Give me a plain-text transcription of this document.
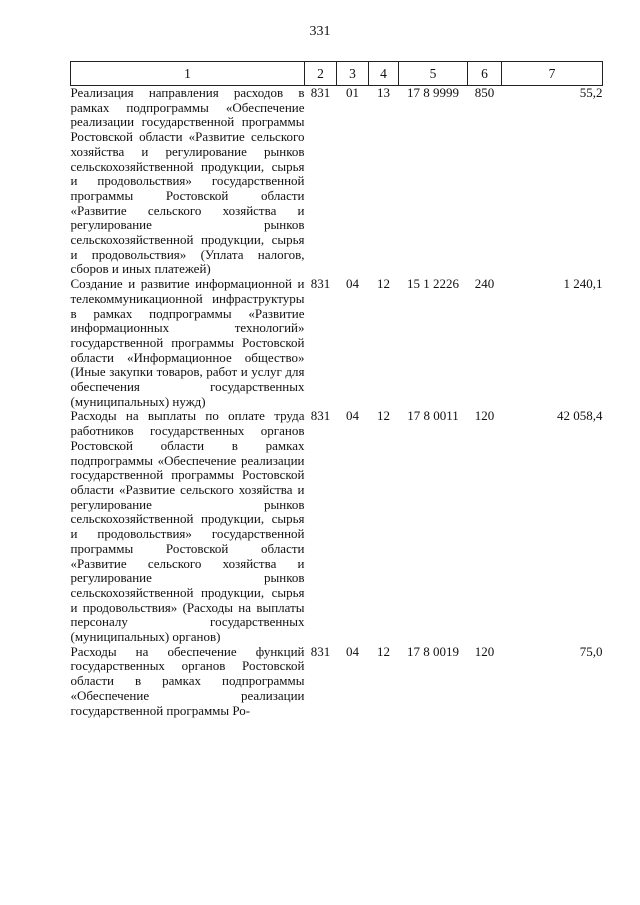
331
1	2	3	4	5	6	7
Реализация направления расходов в рамках подпрограммы «Обеспечение реализации государственной программы Ростовской области «Развитие сельского хозяйства и регулирование рынков сельскохозяйственной продукции, сырья и продовольствия» государственной программы Ростовской области «Развитие сельского хозяйства и регулирование рынков сельскохозяйственной продукции, сырья и продовольствия» (Уплата налогов, сборов и иных платежей)	831	01	13	17 8 9999	850	55,2
Создание и развитие информационной и телекоммуникационной инфраструктуры в рамках подпрограммы «Развитие информационных технологий» государственной программы Ростовской области «Информационное общество» (Иные закупки товаров, работ и услуг для обеспечения государственных (муниципальных) нужд)	831	04	12	15 1 2226	240	1 240,1
Расходы на выплаты по оплате труда работников государственных органов Ростовской области в рамках подпрограммы «Обеспечение реализации государственной программы Ростовской области «Развитие сельского хозяйства и регулирование рынков сельскохозяйственной продукции, сырья и продовольствия» государственной программы Ростовской области «Развитие сельского хозяйства и регулирование рынков сельскохозяйственной продукции, сырья и продовольствия» (Расходы на выплаты персоналу государственных (муниципальных) органов)	831	04	12	17 8 0011	120	42 058,4
Расходы на обеспечение функций государственных органов Ростовской области в рамках подпрограммы «Обеспечение реализации государственной программы Ро-	831	04	12	17 8 0019	120	75,0
